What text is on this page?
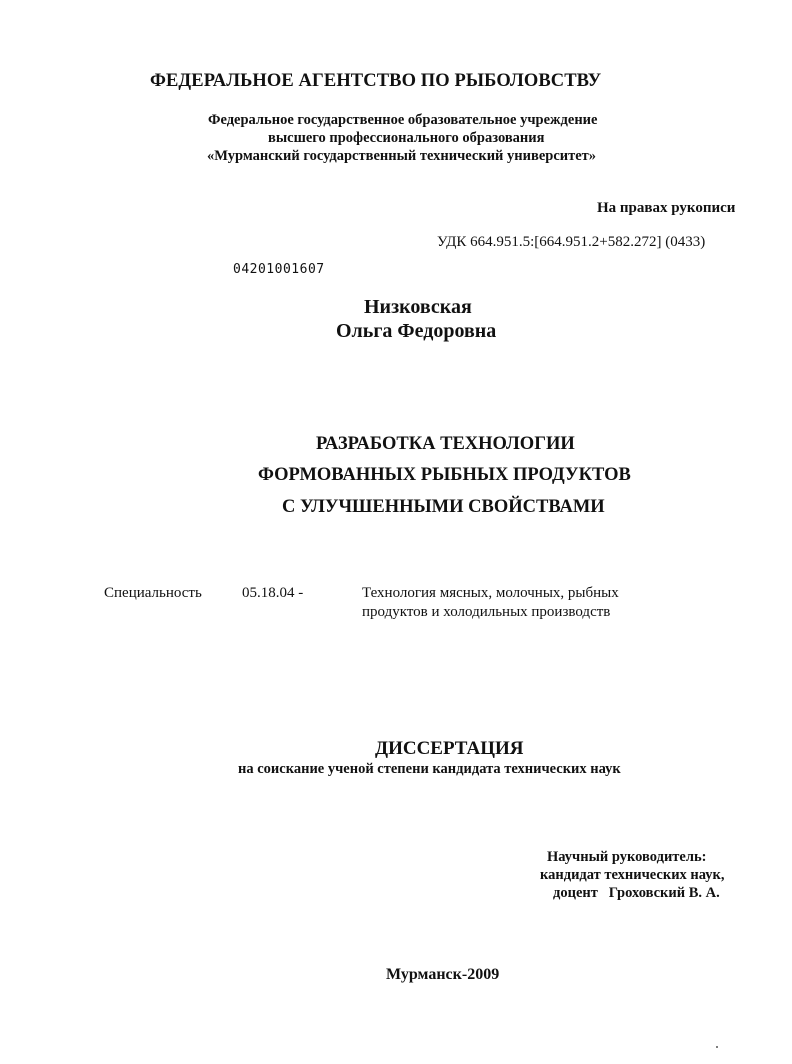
ФЕДЕРАЛЬНОЕ АГЕНТСТВО ПО РЫБОЛОВСТВУ
Федеральное государственное образовательное учреждение
высшего профессионального образования
«Мурманский государственный технический университет»
На правах рукописи
УДК 664.951.5:[664.951.2+582.272] (0433)
04201001607
Низковская
Ольга Федоровна
РАЗРАБОТКА ТЕХНОЛОГИИ
ФОРМОВАННЫХ РЫБНЫХ ПРОДУКТОВ
С УЛУЧШЕННЫМИ СВОЙСТВАМИ
Специальность	05.18.04 -	Технология мясных, молочных, рыбных
продуктов и холодильных производств
ДИССЕРТАЦИЯ
на соискание ученой степени кандидата технических наук
Научный руководитель:
кандидат технических наук,
доцент   Гроховский В. А.
Мурманск-2009
